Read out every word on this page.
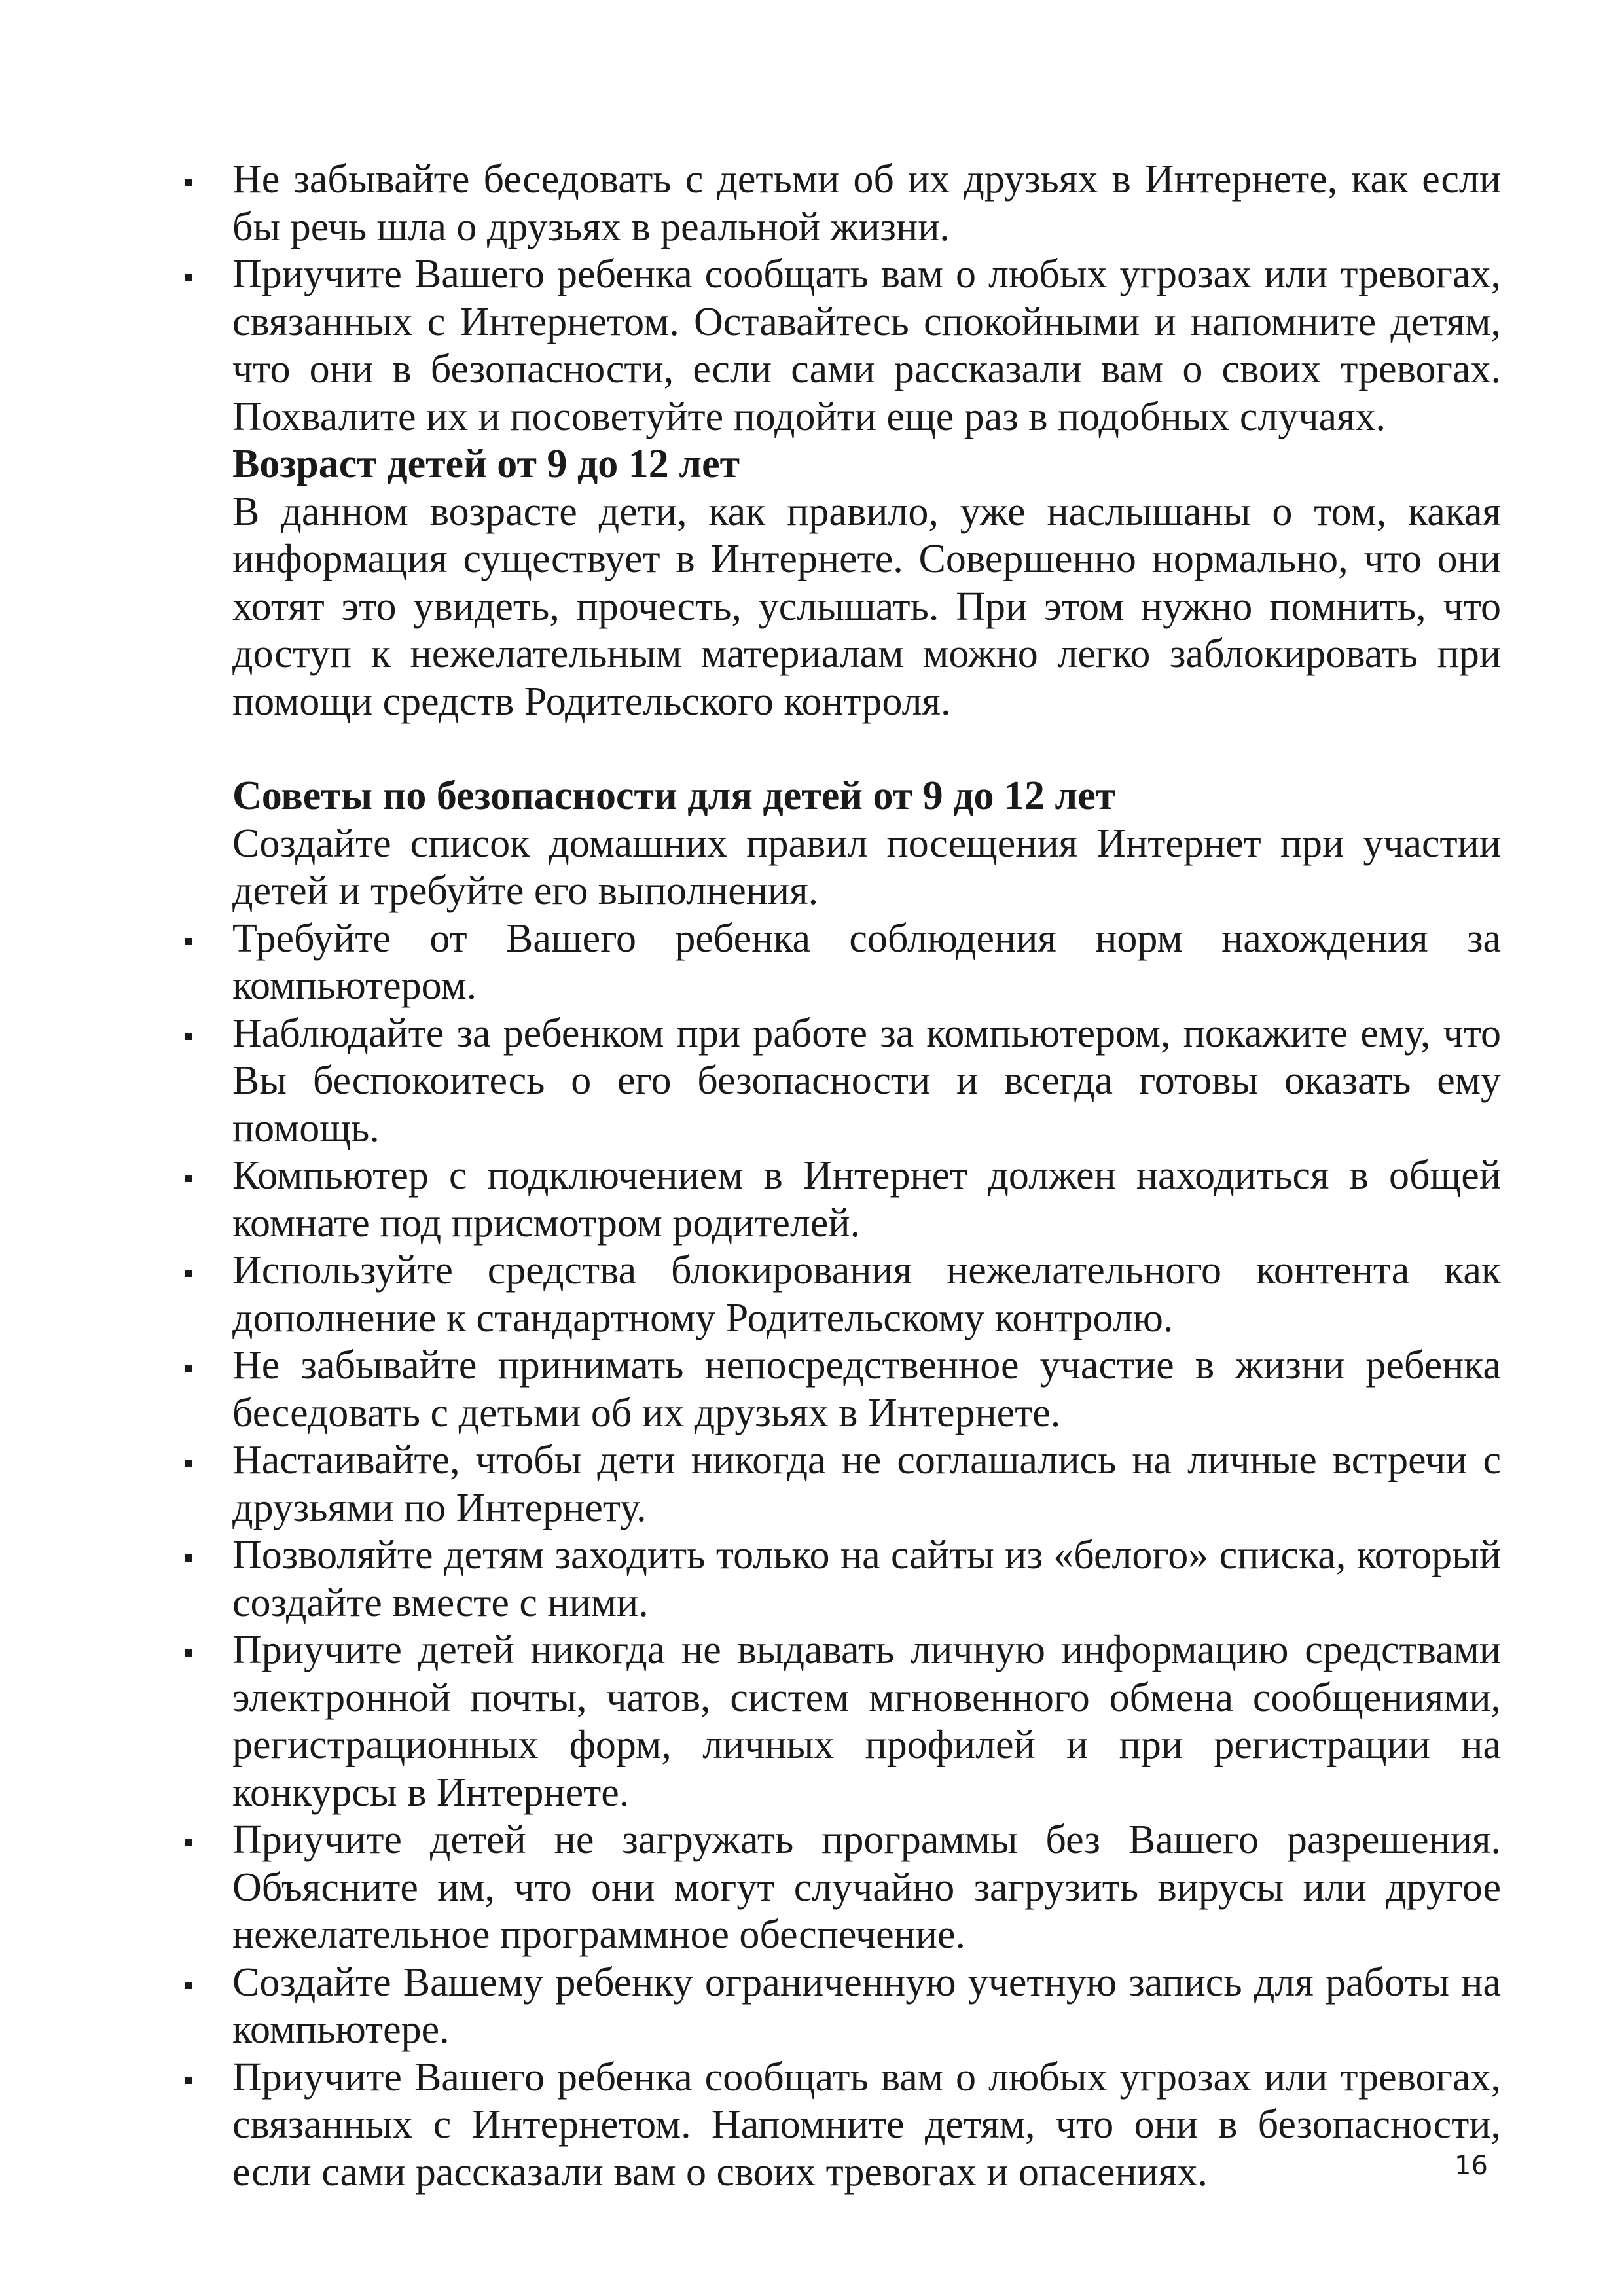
Не забывайте беседовать с детьми об их друзьях в Интернете, как если бы речь шла о друзьях в реальной жизни.
Приучите Вашего ребенка сообщать вам о любых угрозах или тревогах, связанных с Интернетом. Оставайтесь спокойными и напомните детям, что они в безопасности, если сами рассказали вам о своих тревогах. Похвалите их и посоветуйте подойти еще раз в подобных случаях.
Возраст детей от 9 до 12 лет
В данном возрасте дети, как правило, уже наслышаны о том, какая информация существует в Интернете. Совершенно нормально, что они хотят это увидеть, прочесть, услышать. При этом нужно помнить, что доступ к нежелательным материалам можно легко заблокировать при помощи средств Родительского контроля.
Советы по безопасности для детей от 9 до 12 лет
Создайте список домашних правил посещения Интернет при участии детей и требуйте его выполнения.
Требуйте от Вашего ребенка соблюдения норм нахождения за компьютером.
Наблюдайте за ребенком при работе за компьютером, покажите ему, что Вы беспокоитесь о его безопасности и всегда готовы оказать ему помощь.
Компьютер с подключением в Интернет должен находиться в общей комнате под присмотром родителей.
Используйте средства блокирования нежелательного контента как дополнение к стандартному Родительскому контролю.
Не забывайте принимать непосредственное участие в жизни ребенка беседовать с детьми об их друзьях в Интернете.
Настаивайте, чтобы дети никогда не соглашались на личные встречи с друзьями по Интернету.
Позволяйте детям заходить только на сайты из «белого» списка, который создайте вместе с ними.
Приучите детей никогда не выдавать личную информацию средствами электронной почты, чатов, систем мгновенного обмена сообщениями, регистрационных форм, личных профилей и при регистрации на конкурсы в Интернете.
Приучите детей не загружать программы без Вашего разрешения. Объясните им, что они могут случайно загрузить вирусы или другое нежелательное программное обеспечение.
Создайте Вашему ребенку ограниченную учетную запись для работы на компьютере.
Приучите Вашего ребенка сообщать вам о любых угрозах или тревогах, связанных с Интернетом. Напомните детям, что они в безопасности, если сами рассказали вам о своих тревогах и опасениях.	16
